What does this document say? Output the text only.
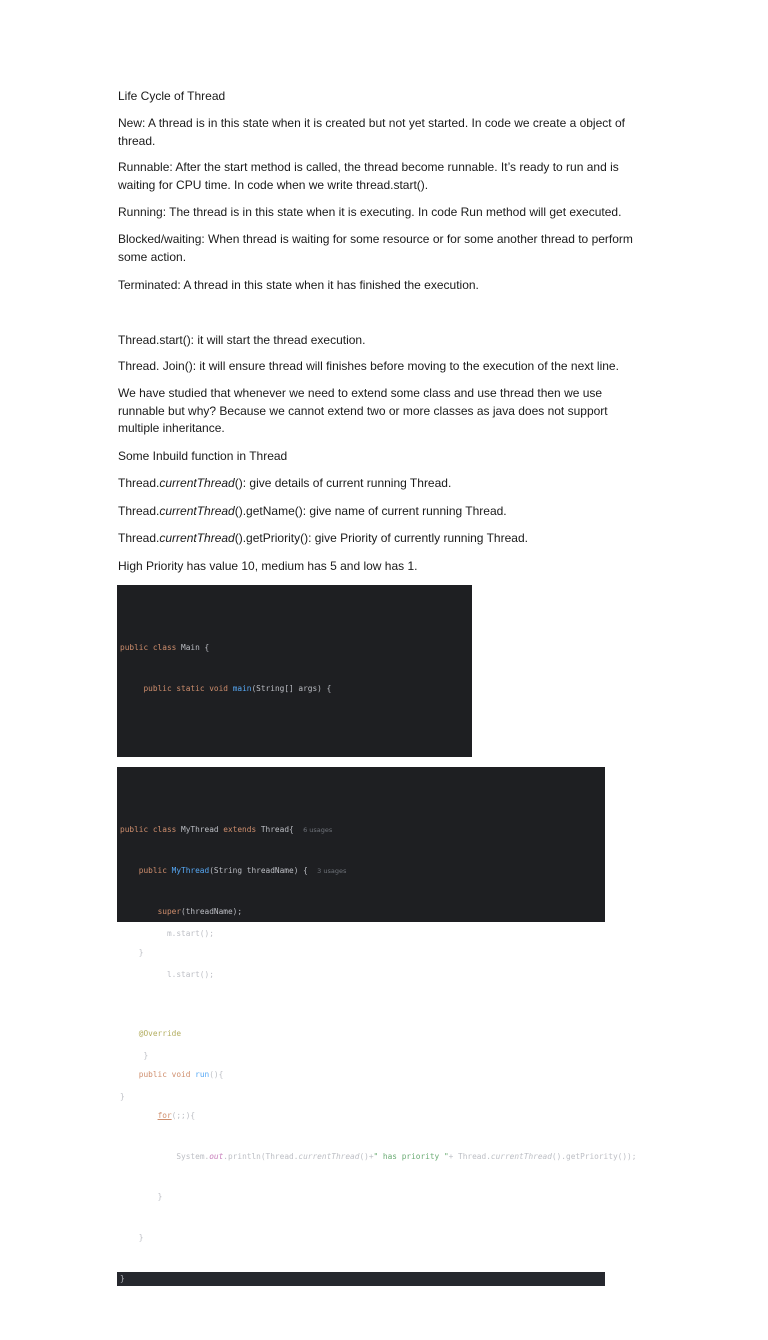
Life Cycle of Thread

New: A thread is in this state when it is created but not yet started. In code we create a object of thread.

Runnable: After the start method is called, the thread become runnable. It’s ready to run and is waiting for CPU time. In code when we write thread.start().

Running: The thread is in this state when it is executing. In code Run method will get executed.

Blocked/waiting: When thread is waiting for some resource or for some another thread to perform some action.

Terminated: A thread in this state when it has finished the execution.

Thread.start(): it will start the thread execution.

Thread. Join(): it will ensure thread will finishes before moving to the execution of the next line.

We have studied that whenever we need to extend some class and use thread then we use runnable but why? Because we cannot extend two or more classes as java does not support multiple inheritance.

Some Inbuild function in Thread

Thread.currentThread(): give details of current running Thread.

Thread.currentThread().getName(): give name of current running Thread.

Thread.currentThread().getPriority(): give Priority of currently running Thread.

High Priority has value 10, medium has 5 and low has 1.

public class Main {

public static void main(String[] args) {

m.start();

l.start();

}

}

public class MyThread extends Thread{ 6 usages

public MyThread(String threadName) { 3 usages

super(threadName);

}

@Override

public void run(){

for(;;){

System.out.println(Thread.currentThread()+" has priority "+ Thread.currentThread().getPriority());

}

}

}
